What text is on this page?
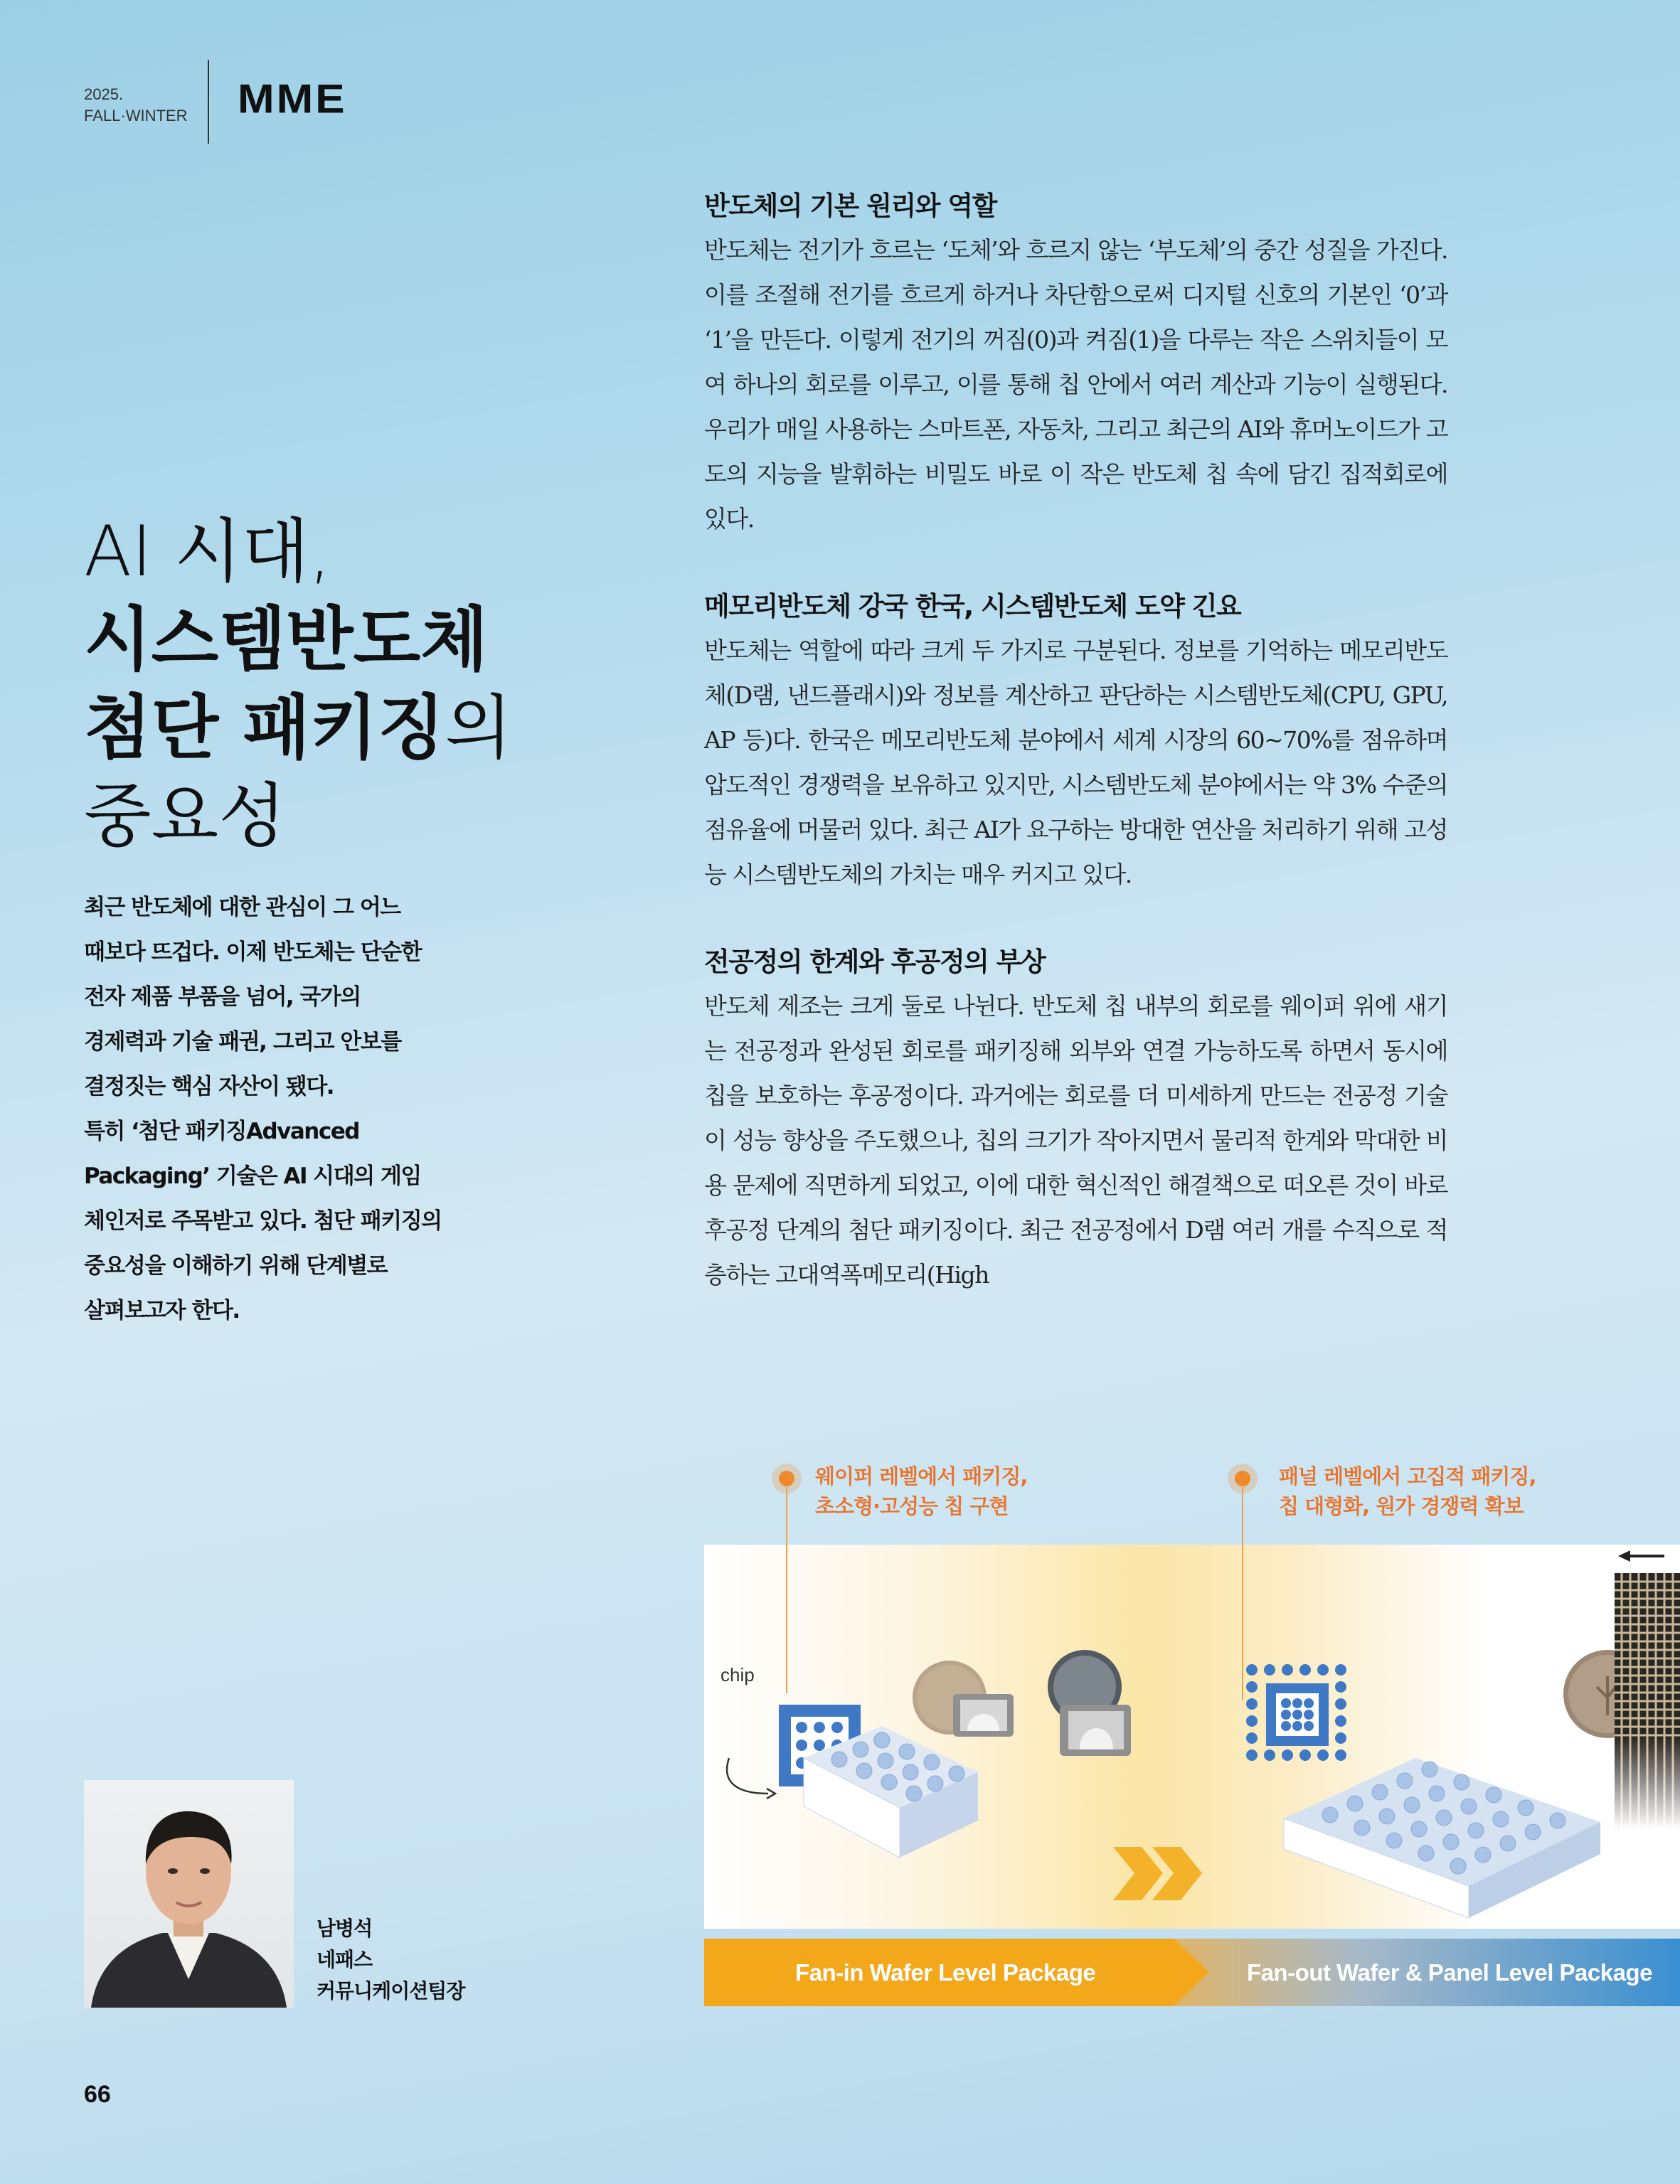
2025.
FALL·WINTER MME
AI 시대,
시스템반도체
첨단 패키징의
중요성
최근 반도체에 대한 관심이 그 어느
때보다 뜨겁다. 이제 반도체는 단순한
전자 제품 부품을 넘어, 국가의
경제력과 기술 패권, 그리고 안보를
결정짓는 핵심 자산이 됐다.
특히 ‘첨단 패키징Advanced
Packaging’ 기술은 AI 시대의 게임
체인저로 주목받고 있다. 첨단 패키징의
중요성을 이해하기 위해 단계별로
살펴보고자 한다.
남병석
네패스
커뮤니케이션팀장
66
반도체의 기본 원리와 역할

반도체는 전기가 흐르는 ‘도체’와 흐르지 않는 ‘부도체’의 중간 성질을 가진다. 이를 조절해 전기를 흐르게 하거나 차단함으로써 디지털 신호의 기본인 ‘0’과 ‘1’을 만든다. 이렇게 전기의 꺼짐(0)과 켜짐(1)을 다루는 작은 스위치들이 모여 하나의 회로를 이루고, 이를 통해 칩 안에서 여러 계산과 기능이 실행된다. 우리가 매일 사용하는 스마트폰, 자동차, 그리고 최근의 AI와 휴머노이드가 고도의 지능을 발휘하는 비밀도 바로 이 작은 반도체 칩 속에 담긴 집적회로에 있다.

메모리반도체 강국 한국, 시스템반도체 도약 긴요

반도체는 역할에 따라 크게 두 가지로 구분된다. 정보를 기억하는 메모리반도체(D램, 낸드플래시)와 정보를 계산하고 판단하는 시스템반도체(CPU, GPU, AP 등)다. 한국은 메모리반도체 분야에서 세계 시장의 60~70%를 점유하며 압도적인 경쟁력을 보유하고 있지만, 시스템반도체 분야에서는 약 3% 수준의 점유율에 머물러 있다. 최근 AI가 요구하는 방대한 연산을 처리하기 위해 고성능 시스템반도체의 가치는 매우 커지고 있다.

전공정의 한계와 후공정의 부상

반도체 제조는 크게 둘로 나뉜다. 반도체 칩 내부의 회로를 웨이퍼 위에 새기는 전공정과 완성된 회로를 패키징해 외부와 연결 가능하도록 하면서 동시에 칩을 보호하는 후공정이다. 과거에는 회로를 더 미세하게 만드는 전공정 기술이 성능 향상을 주도했으나, 칩의 크기가 작아지면서 물리적 한계와 막대한 비용 문제에 직면하게 되었고, 이에 대한 혁신적인 해결책으로 떠오른 것이 바로 후공정 단계의 첨단 패키징이다. 최근 전공정에서 D램 여러 개를 수직으로 적층하는 고대역폭메모리(High

chip
웨이퍼 레벨에서 패키징,
초소형·고성능 칩 구현
패널 레벨에서 고집적 패키징,
칩 대형화, 원가 경쟁력 확보
Fan-in Wafer Level Package	Fan-out Wafer & Panel Level Package
